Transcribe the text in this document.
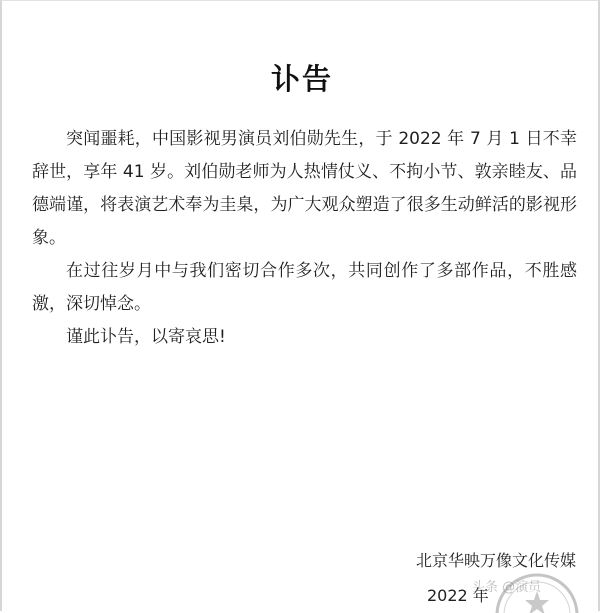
讣告

突闻噩耗，中国影视男演员刘伯勋先生，于 2022 年 7 月 1 日不幸辞世，享年 41 岁。刘伯勋老师为人热情仗义、不拘小节、敦亲睦友、品德端谨，将表演艺术奉为圭臬，为广大观众塑造了很多生动鲜活的影视形象。

在过往岁月中与我们密切合作多次，共同创作了多部作品，不胜感激，深切悼念。

谨此讣告，以寄哀思!

北京华映万像文化传媒
2022 年
头条 @演员
